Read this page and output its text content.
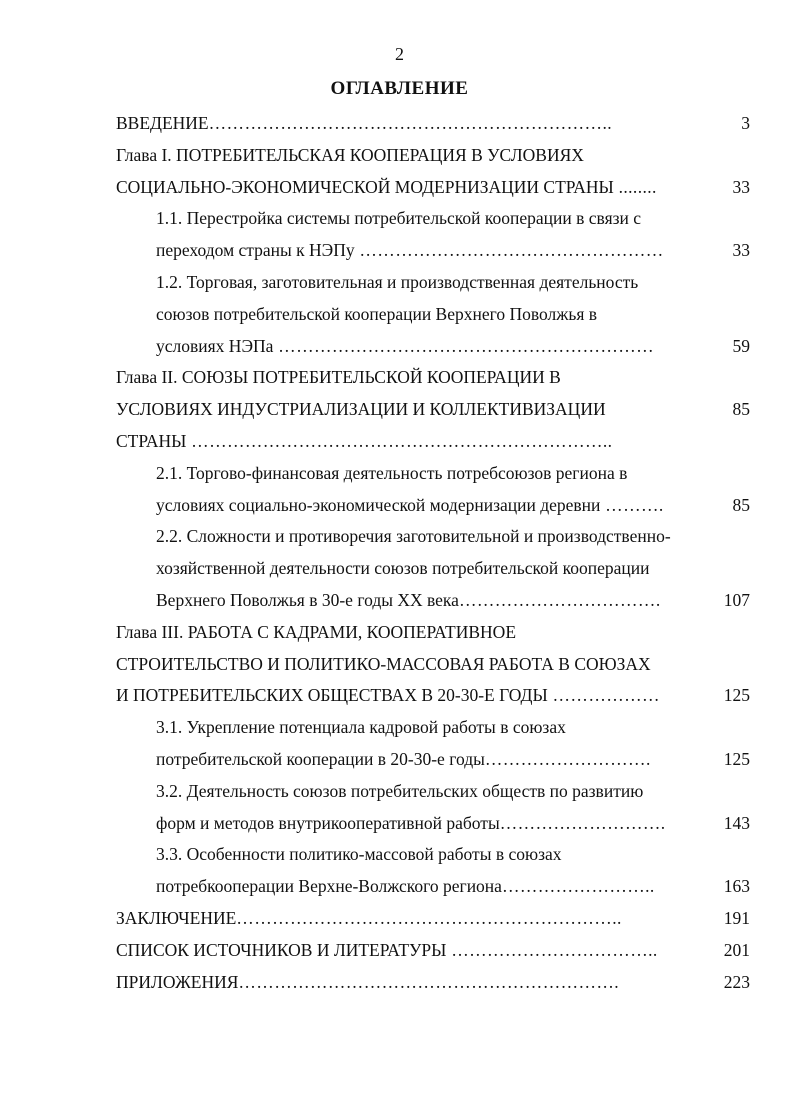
2
ОГЛАВЛЕНИЕ
ВВЕДЕНИЕ…………………………………………………………..	3
Глава I. ПОТРЕБИТЕЛЬСКАЯ КООПЕРАЦИЯ В УСЛОВИЯХ
СОЦИАЛЬНО-ЭКОНОМИЧЕСКОЙ МОДЕРНИЗАЦИИ СТРАНЫ ........	33
1.1. Перестройка системы потребительской кооперации в связи с
переходом страны к НЭПу ……………………………………………	33
1.2. Торговая, заготовительная и производственная деятельность
союзов потребительской кооперации Верхнего Поволжья в
условиях НЭПа ………………………………………………………	59
Глава II. СОЮЗЫ ПОТРЕБИТЕЛЬСКОЙ КООПЕРАЦИИ В
УСЛОВИЯХ ИНДУСТРИАЛИЗАЦИИ И КОЛЛЕКТИВИЗАЦИИ	85
СТРАНЫ ……………………………………………………………..
2.1. Торгово-финансовая деятельность потребсоюзов региона в
условиях социально-экономической модернизации деревни ……….	85
2.2. Сложности и противоречия заготовительной и производственно-
хозяйственной деятельности союзов потребительской кооперации
Верхнего Поволжья в 30-е годы XX века…………………………….	107
Глава III. РАБОТА С КАДРАМИ, КООПЕРАТИВНОЕ
СТРОИТЕЛЬСТВО И ПОЛИТИКО-МАССОВАЯ РАБОТА В СОЮЗАХ
И ПОТРЕБИТЕЛЬСКИХ ОБЩЕСТВАХ В 20-30-Е ГОДЫ ………………	125
3.1. Укрепление потенциала кадровой работы в союзах
потребительской кооперации в 20-30-е годы……………………….	125
3.2. Деятельность союзов потребительских обществ по развитию
форм и методов внутрикооперативной работы……………………….	143
3.3. Особенности политико-массовой работы в союзах
потребкооперации Верхне-Волжского региона……………………..	163
ЗАКЛЮЧЕНИЕ………………………………………………………..	191
СПИСОК ИСТОЧНИКОВ И ЛИТЕРАТУРЫ ……………………………..	201
ПРИЛОЖЕНИЯ……………………………………………………….	223
